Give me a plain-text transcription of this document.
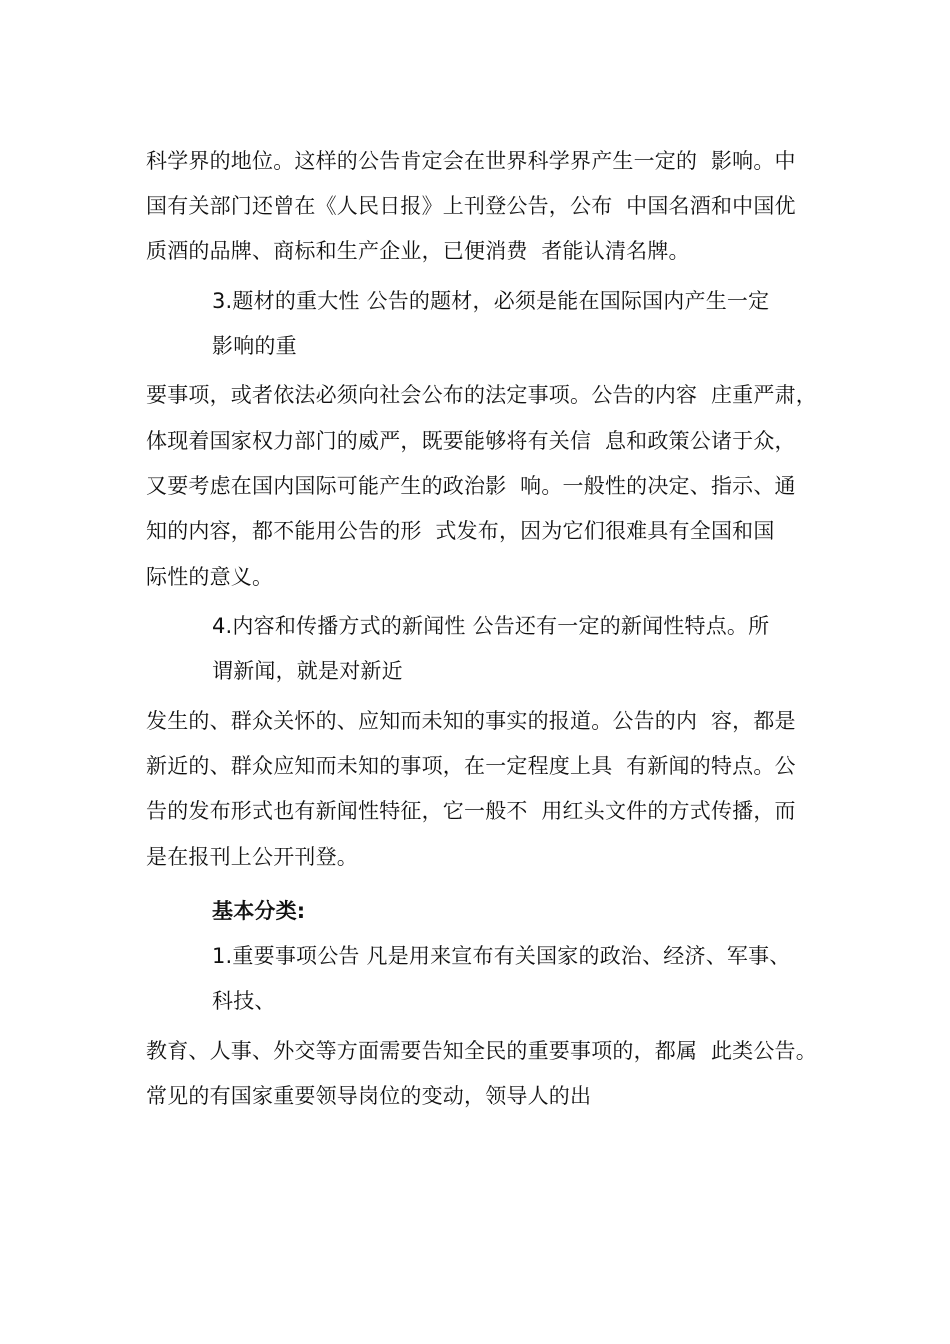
科学界的地位。这样的公告肯定会在世界科学界产生一定的  影响。中
国有关部门还曾在《人民日报》上刊登公告，公布  中国名酒和中国优
质酒的品牌、商标和生产企业，已便消费  者能认清名牌。
3.题材的重大性 公告的题材，必须是能在国际国内产生一定
影响的重
要事项，或者依法必须向社会公布的法定事项。公告的内容  庄重严肃，
体现着国家权力部门的威严，既要能够将有关信  息和政策公诸于众，
又要考虑在国内国际可能产生的政治影  响。一般性的决定、指示、通
知的内容，都不能用公告的形  式发布，因为它们很难具有全国和国
际性的意义。
4.内容和传播方式的新闻性 公告还有一定的新闻性特点。所
谓新闻，就是对新近
发生的、群众关怀的、应知而未知的事实的报道。公告的内  容，都是
新近的、群众应知而未知的事项，在一定程度上具  有新闻的特点。公
告的发布形式也有新闻性特征，它一般不  用红头文件的方式传播，而
是在报刊上公开刊登。
基本分类:
1.重要事项公告 凡是用来宣布有关国家的政治、经济、军事、
科技、
教育、人事、外交等方面需要告知全民的重要事项的，都属  此类公告。
常见的有国家重要领导岗位的变动，领导人的出
